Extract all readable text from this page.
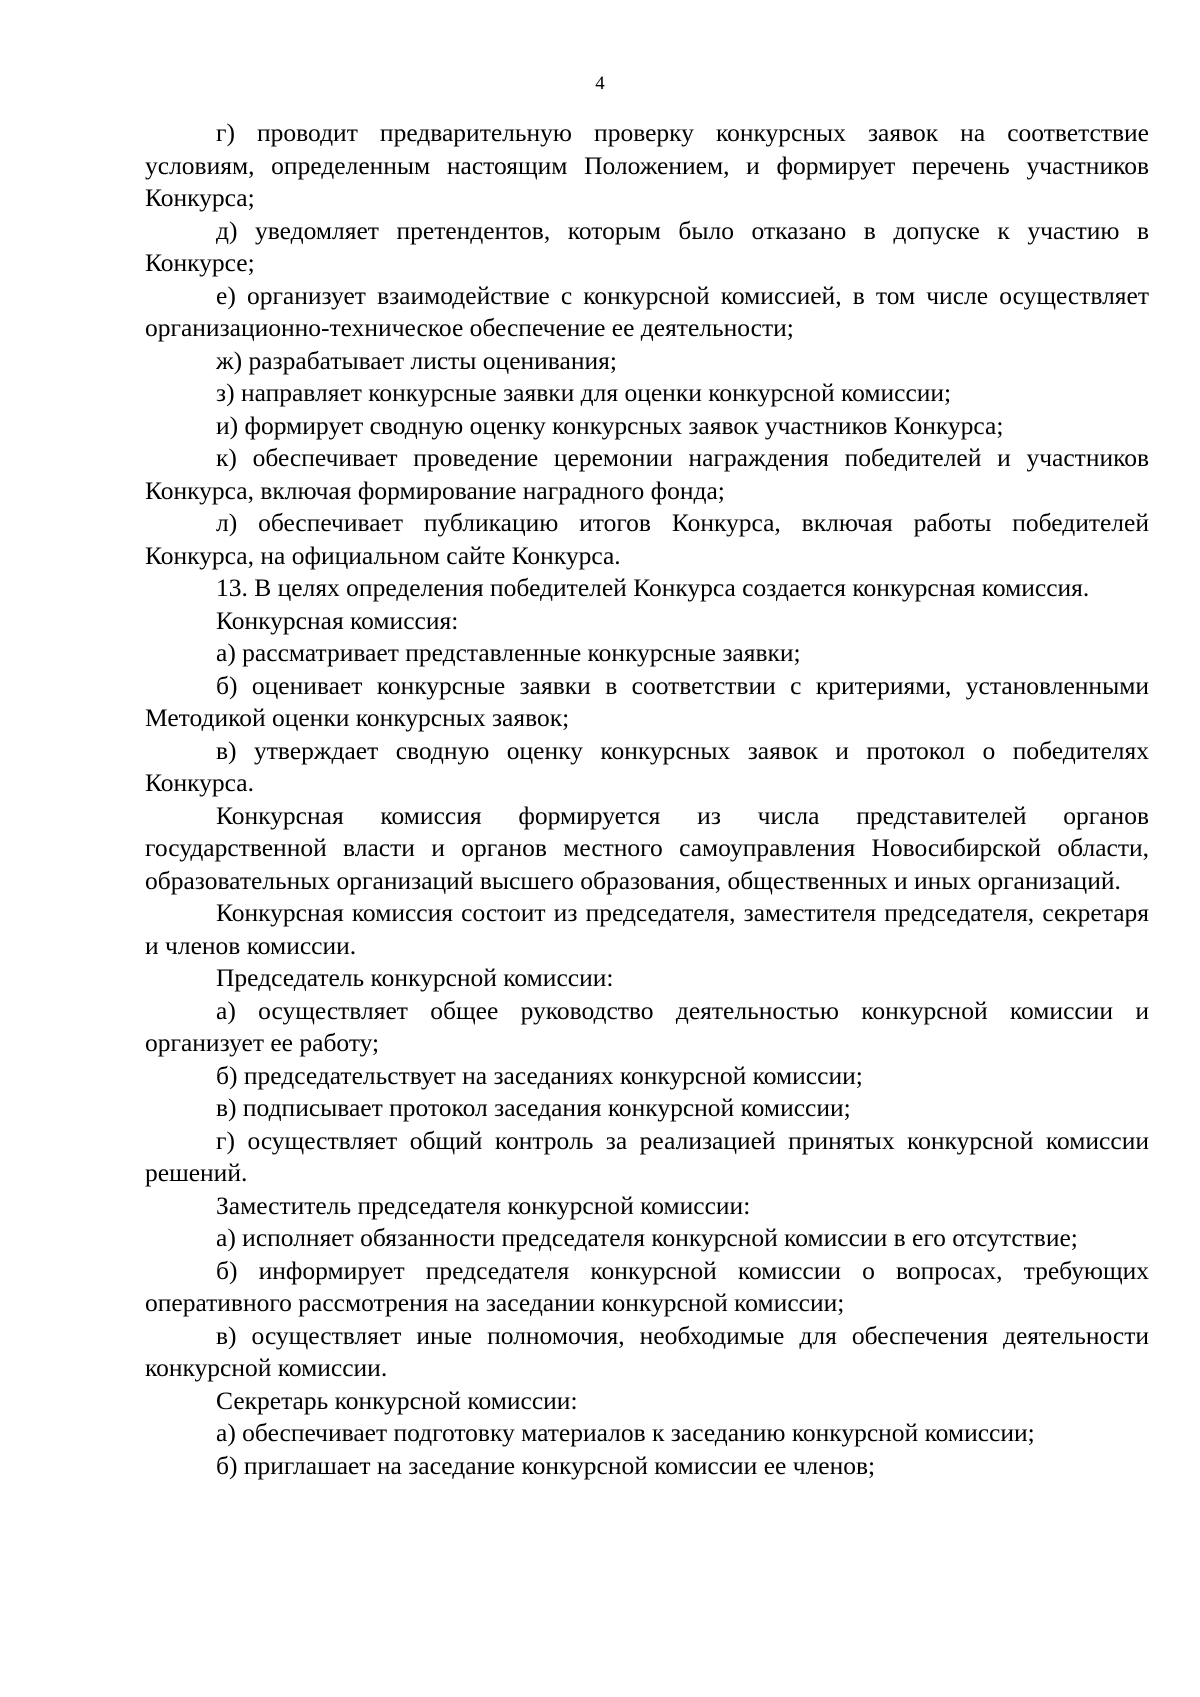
4

г) проводит предварительную проверку конкурсных заявок на соответствие условиям, определенным настоящим Положением, и формирует перечень участников Конкурса;

д) уведомляет претендентов, которым было отказано в допуске к участию в Конкурсе;

е) организует взаимодействие с конкурсной комиссией, в том числе осуществляет организационно-техническое обеспечение ее деятельности;

ж) разрабатывает листы оценивания;

з) направляет конкурсные заявки для оценки конкурсной комиссии;

и) формирует сводную оценку конкурсных заявок участников Конкурса;

к) обеспечивает проведение церемонии награждения победителей и участников Конкурса, включая формирование наградного фонда;

л) обеспечивает публикацию итогов Конкурса, включая работы победителей Конкурса, на официальном сайте Конкурса.

13. В целях определения победителей Конкурса создается конкурсная комиссия.

Конкурсная комиссия:

а) рассматривает представленные конкурсные заявки;

б) оценивает конкурсные заявки в соответствии с критериями, установленными Методикой оценки конкурсных заявок;

в) утверждает сводную оценку конкурсных заявок и протокол о победителях Конкурса.

Конкурсная комиссия формируется из числа представителей органов государственной власти и органов местного самоуправления Новосибирской области, образовательных организаций высшего образования, общественных и иных организаций.

Конкурсная комиссия состоит из председателя, заместителя председателя, секретаря и членов комиссии.

Председатель конкурсной комиссии:

а) осуществляет общее руководство деятельностью конкурсной комиссии и организует ее работу;

б) председательствует на заседаниях конкурсной комиссии;

в) подписывает протокол заседания конкурсной комиссии;

г) осуществляет общий контроль за реализацией принятых конкурсной комиссии решений.

Заместитель председателя конкурсной комиссии:

а) исполняет обязанности председателя конкурсной комиссии в его отсутствие;

б) информирует председателя конкурсной комиссии о вопросах, требующих оперативного рассмотрения на заседании конкурсной комиссии;

в) осуществляет иные полномочия, необходимые для обеспечения деятельности конкурсной комиссии.

Секретарь конкурсной комиссии:

а) обеспечивает подготовку материалов к заседанию конкурсной комиссии;

б) приглашает на заседание конкурсной комиссии ее членов;
